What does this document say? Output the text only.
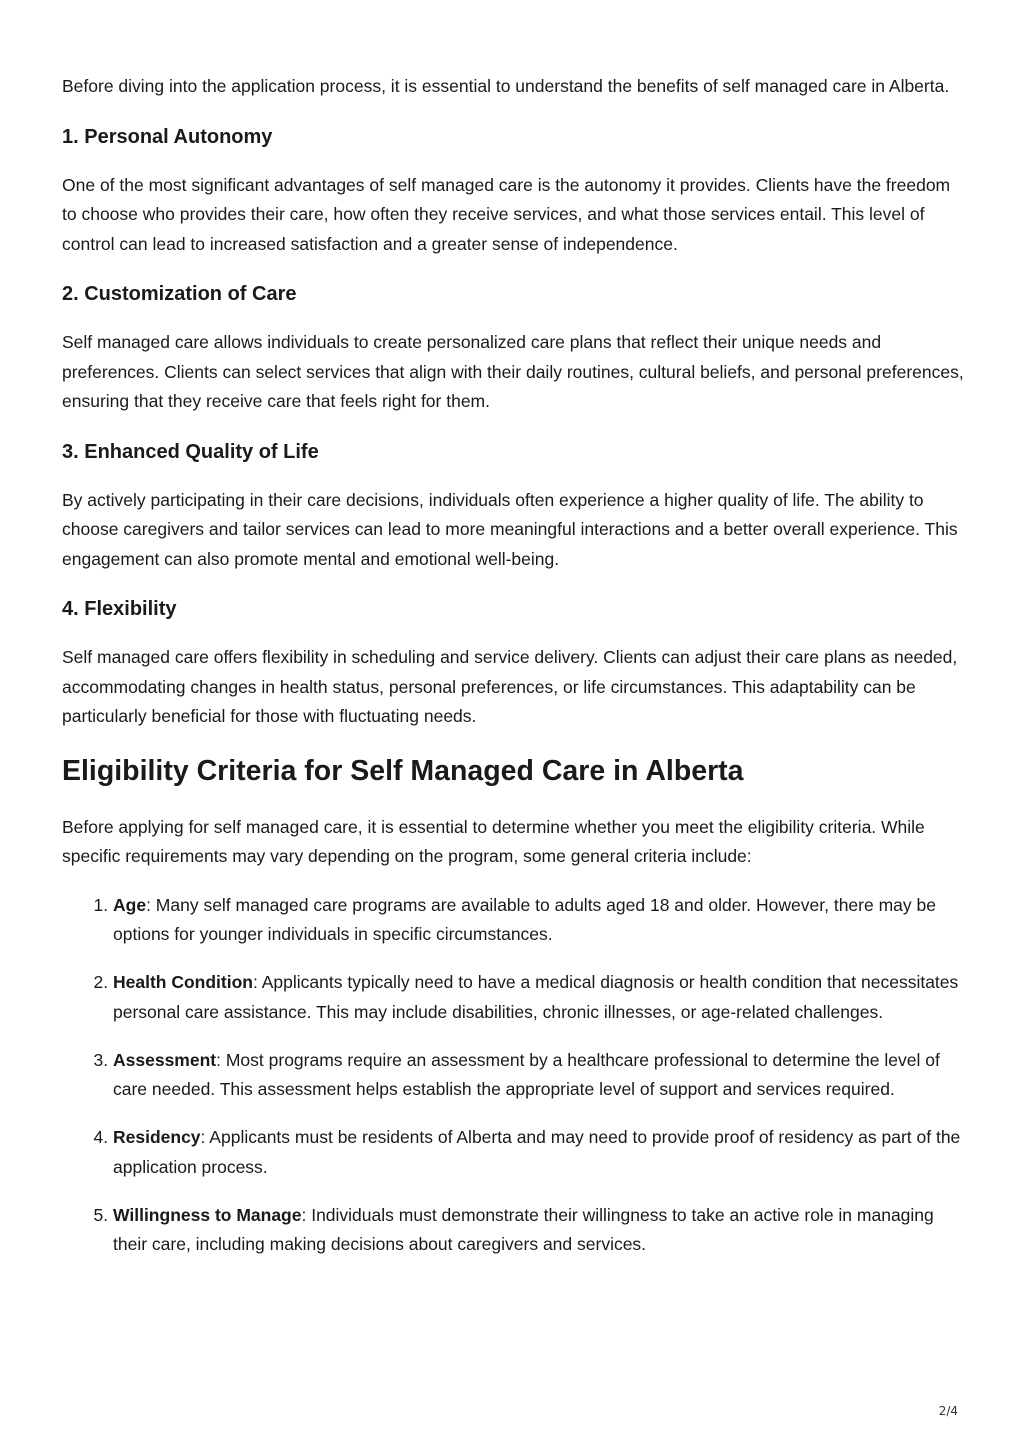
Before diving into the application process, it is essential to understand the benefits of self managed care in Alberta.

1. Personal Autonomy

One of the most significant advantages of self managed care is the autonomy it provides. Clients have the freedom to choose who provides their care, how often they receive services, and what those services entail. This level of control can lead to increased satisfaction and a greater sense of independence.

2. Customization of Care

Self managed care allows individuals to create personalized care plans that reflect their unique needs and preferences. Clients can select services that align with their daily routines, cultural beliefs, and personal preferences, ensuring that they receive care that feels right for them.

3. Enhanced Quality of Life

By actively participating in their care decisions, individuals often experience a higher quality of life. The ability to choose caregivers and tailor services can lead to more meaningful interactions and a better overall experience. This engagement can also promote mental and emotional well-being.

4. Flexibility

Self managed care offers flexibility in scheduling and service delivery. Clients can adjust their care plans as needed, accommodating changes in health status, personal preferences, or life circumstances. This adaptability can be particularly beneficial for those with fluctuating needs.

Eligibility Criteria for Self Managed Care in Alberta

Before applying for self managed care, it is essential to determine whether you meet the eligibility criteria. While specific requirements may vary depending on the program, some general criteria include:

1. Age: Many self managed care programs are available to adults aged 18 and older. However, there may be options for younger individuals in specific circumstances.
2. Health Condition: Applicants typically need to have a medical diagnosis or health condition that necessitates personal care assistance. This may include disabilities, chronic illnesses, or age-related challenges.
3. Assessment: Most programs require an assessment by a healthcare professional to determine the level of care needed. This assessment helps establish the appropriate level of support and services required.
4. Residency: Applicants must be residents of Alberta and may need to provide proof of residency as part of the application process.
5. Willingness to Manage: Individuals must demonstrate their willingness to take an active role in managing their care, including making decisions about caregivers and services.
2/4
